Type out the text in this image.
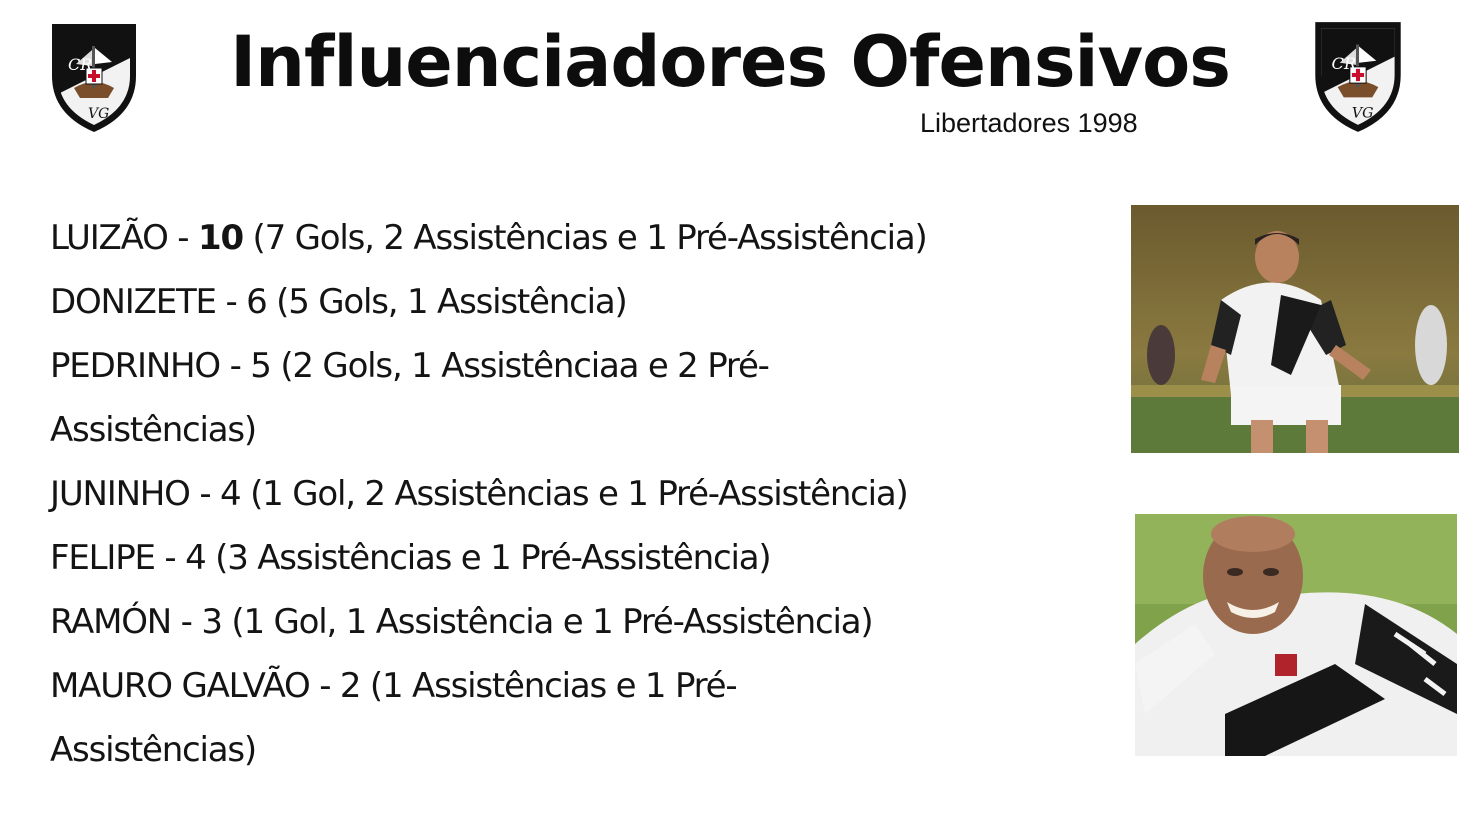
CR
VG
Influenciadores Ofensivos
Libertadores 1998
CR
VG
LUIZÃO - 10 (7 Gols, 2 Assistências e 1 Pré-Assistência)
DONIZETE - 6 (5 Gols, 1 Assistência)
PEDRINHO - 5 (2 Gols, 1 Assistênciaa e 2 Pré-Assistências)
JUNINHO - 4 (1 Gol, 2 Assistências e 1 Pré-Assistência)
FELIPE - 4 (3 Assistências e 1 Pré-Assistência)
RAMÓN - 3 (1 Gol, 1 Assistência e 1 Pré-Assistência)
MAURO GALVÃO - 2 (1 Assistências e 1 Pré-Assistências)
